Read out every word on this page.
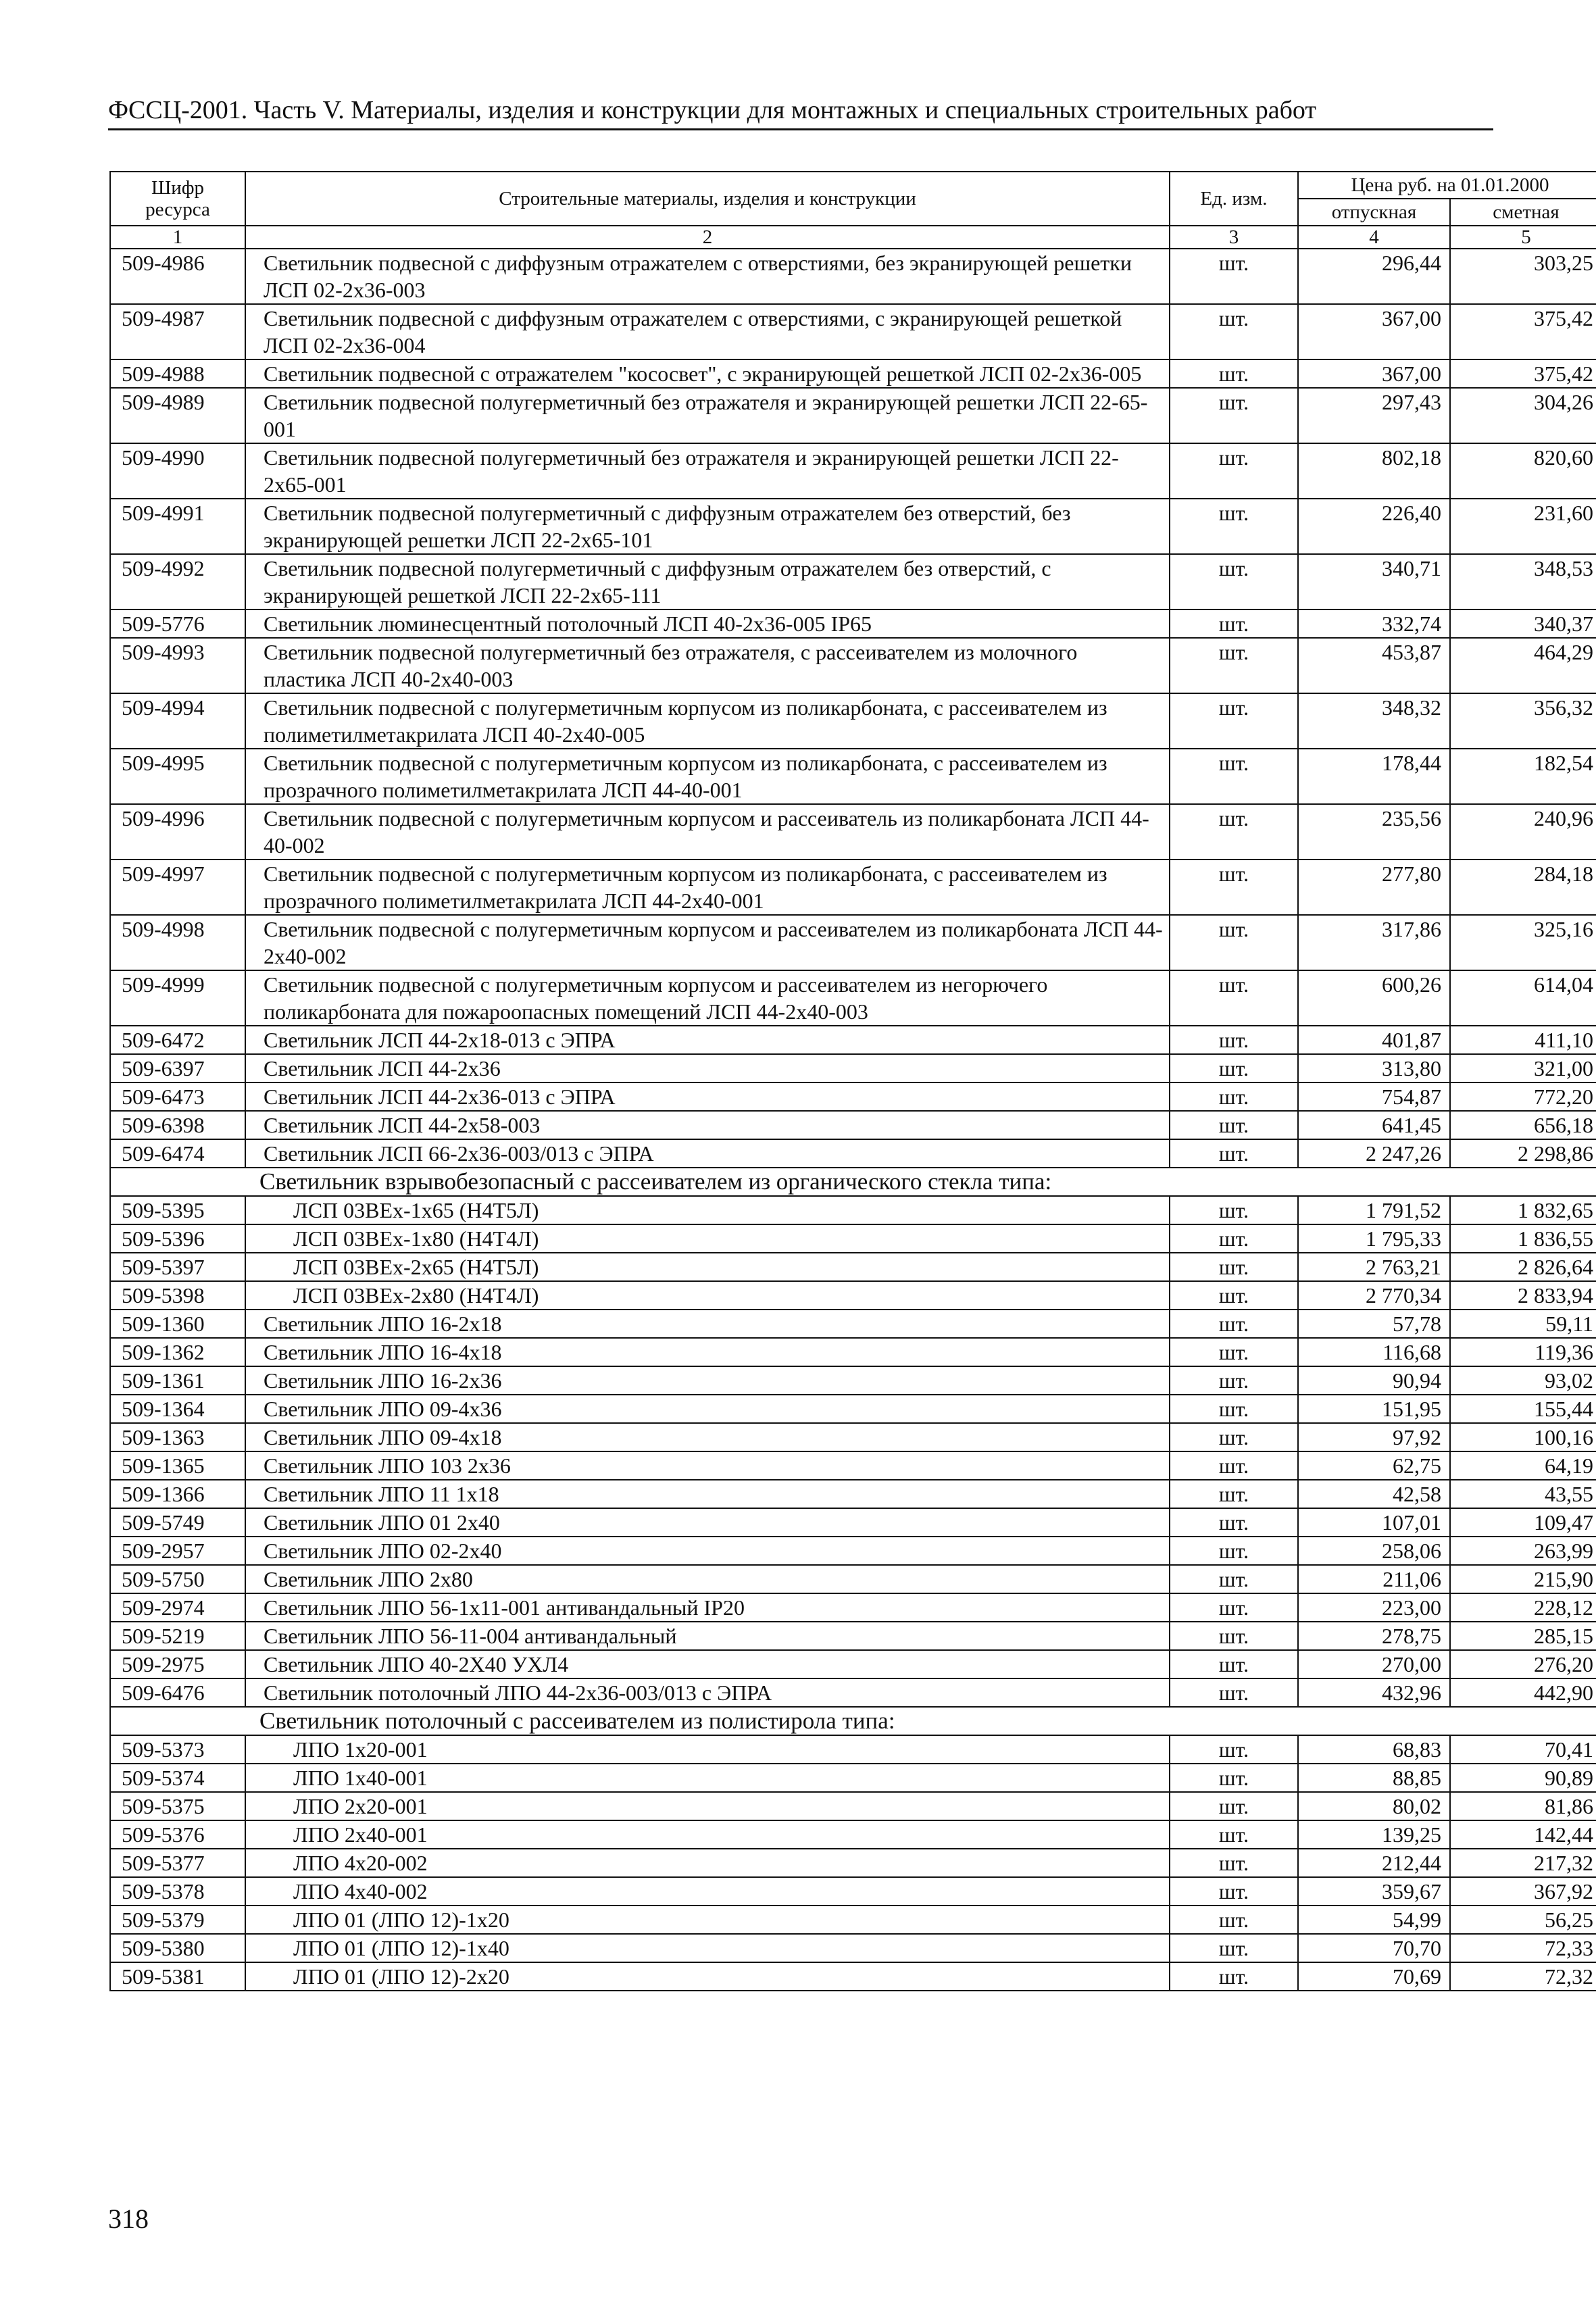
ФССЦ-2001. Часть V. Материалы, изделия и конструкции для монтажных и специальных строительных работ
Шифр ресурса	Строительные материалы, изделия и конструкции	Ед. изм.	Цена руб. на 01.01.2000	
			отпускная	сметная
1	2	3	4	5
509-4986	Светильник подвесной с диффузным отражателем с отверстиями, без экранирующей решетки ЛСП 02-2х36-003	шт.	296,44	303,25
509-4987	Светильник подвесной с диффузным отражателем с отверстиями, с экранирующей решеткой ЛСП 02-2х36-004	шт.	367,00	375,42
509-4988	Светильник подвесной с отражателем "кососвет", с экранирующей решеткой ЛСП 02-2х36-005	шт.	367,00	375,42
509-4989	Светильник подвесной полугерметичный без отражателя и экранирующей решетки ЛСП 22-65-001	шт.	297,43	304,26
509-4990	Светильник подвесной полугерметичный без отражателя и экранирующей решетки ЛСП 22-2х65-001	шт.	802,18	820,60
509-4991	Светильник подвесной полугерметичный с диффузным отражателем без отверстий, без экранирующей решетки ЛСП 22-2х65-101	шт.	226,40	231,60
509-4992	Светильник подвесной полугерметичный с диффузным отражателем без отверстий, с экранирующей решеткой ЛСП 22-2х65-111	шт.	340,71	348,53
509-5776	Светильник люминесцентный потолочный ЛСП 40-2х36-005 IP65	шт.	332,74	340,37
509-4993	Светильник подвесной полугерметичный без отражателя, с рассеивателем из молочного пластика ЛСП 40-2х40-003	шт.	453,87	464,29
509-4994	Светильник подвесной с полугерметичным корпусом из поликарбоната, с рассеивателем из полиметилметакрилата ЛСП 40-2х40-005	шт.	348,32	356,32
509-4995	Светильник подвесной с полугерметичным корпусом из поликарбоната, с рассеивателем из прозрачного полиметилметакрилата ЛСП 44-40-001	шт.	178,44	182,54
509-4996	Светильник подвесной с полугерметичным корпусом и рассеиватель из поликарбоната ЛСП 44-40-002	шт.	235,56	240,96
509-4997	Светильник подвесной с полугерметичным корпусом из поликарбоната, с рассеивателем из прозрачного полиметилметакрилата ЛСП 44-2х40-001	шт.	277,80	284,18
509-4998	Светильник подвесной с полугерметичным корпусом и рассеивателем из поликарбоната ЛСП 44-2х40-002	шт.	317,86	325,16
509-4999	Светильник подвесной с полугерметичным корпусом и рассеивателем из негорючего поликарбоната для пожароопасных помещений ЛСП 44-2х40-003	шт.	600,26	614,04
509-6472	Светильник ЛСП 44-2х18-013 с ЭПРА	шт.	401,87	411,10
509-6397	Светильник ЛСП 44-2х36	шт.	313,80	321,00
509-6473	Светильник ЛСП 44-2х36-013 с ЭПРА	шт.	754,87	772,20
509-6398	Светильник ЛСП 44-2х58-003	шт.	641,45	656,18
509-6474	Светильник ЛСП 66-2х36-003/013 с ЭПРА	шт.	2 247,26	2 298,86
Светильник взрывобезопасный с рассеивателем из органического стекла типа:				
509-5395	ЛСП 03ВЕх-1х65 (Н4Т5Л)	шт.	1 791,52	1 832,65
509-5396	ЛСП 03ВЕх-1х80 (Н4Т4Л)	шт.	1 795,33	1 836,55
509-5397	ЛСП 03ВЕх-2х65 (Н4Т5Л)	шт.	2 763,21	2 826,64
509-5398	ЛСП 03ВЕх-2х80 (Н4Т4Л)	шт.	2 770,34	2 833,94
509-1360	Светильник ЛПО 16-2х18	шт.	57,78	59,11
509-1362	Светильник ЛПО 16-4х18	шт.	116,68	119,36
509-1361	Светильник ЛПО 16-2х36	шт.	90,94	93,02
509-1364	Светильник ЛПО 09-4х36	шт.	151,95	155,44
509-1363	Светильник ЛПО 09-4х18	шт.	97,92	100,16
509-1365	Светильник ЛПО 103 2х36	шт.	62,75	64,19
509-1366	Светильник ЛПО 11 1х18	шт.	42,58	43,55
509-5749	Светильник ЛПО 01 2х40	шт.	107,01	109,47
509-2957	Светильник ЛПО 02-2х40	шт.	258,06	263,99
509-5750	Светильник ЛПО 2х80	шт.	211,06	215,90
509-2974	Светильник ЛПО 56-1х11-001 антивандальный IP20	шт.	223,00	228,12
509-5219	Светильник ЛПО 56-11-004 антивандальный	шт.	278,75	285,15
509-2975	Светильник ЛПО 40-2Х40 УХЛ4	шт.	270,00	276,20
509-6476	Светильник потолочный ЛПО 44-2х36-003/013 с ЭПРА	шт.	432,96	442,90
Светильник потолочный с рассеивателем из полистирола типа:				
509-5373	ЛПО 1х20-001	шт.	68,83	70,41
509-5374	ЛПО 1х40-001	шт.	88,85	90,89
509-5375	ЛПО 2х20-001	шт.	80,02	81,86
509-5376	ЛПО 2х40-001	шт.	139,25	142,44
509-5377	ЛПО 4х20-002	шт.	212,44	217,32
509-5378	ЛПО 4х40-002	шт.	359,67	367,92
509-5379	ЛПО 01 (ЛПО 12)-1х20	шт.	54,99	56,25
509-5380	ЛПО 01 (ЛПО 12)-1х40	шт.	70,70	72,33
509-5381	ЛПО 01 (ЛПО 12)-2х20	шт.	70,69	72,32
318
